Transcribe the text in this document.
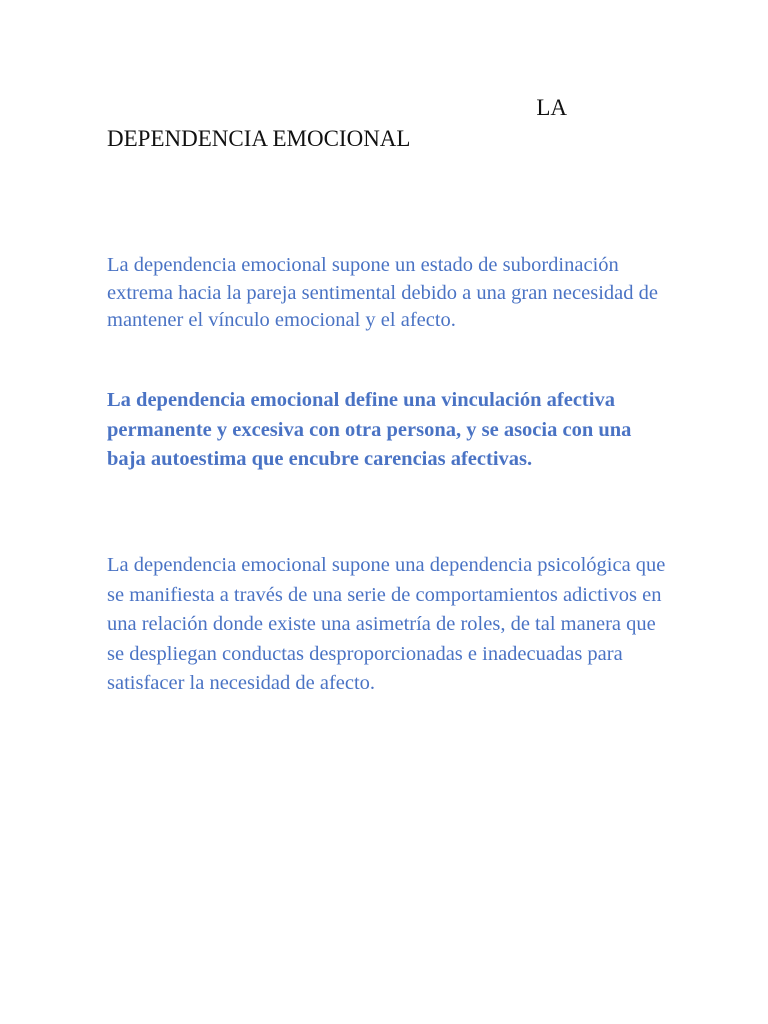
LA
DEPENDENCIA EMOCIONAL

La dependencia emocional supone un estado de subordinación extrema hacia la pareja sentimental debido a una gran necesidad de mantener el vínculo emocional y el afecto.

La dependencia emocional define una vinculación afectiva permanente y excesiva con otra persona, y se asocia con una baja autoestima que encubre carencias afectivas.

La dependencia emocional supone una dependencia psicológica que se manifiesta a través de una serie de comportamientos adictivos en una relación donde existe una asimetría de roles, de tal manera que se despliegan conductas desproporcionadas e inadecuadas para satisfacer la necesidad de afecto.
